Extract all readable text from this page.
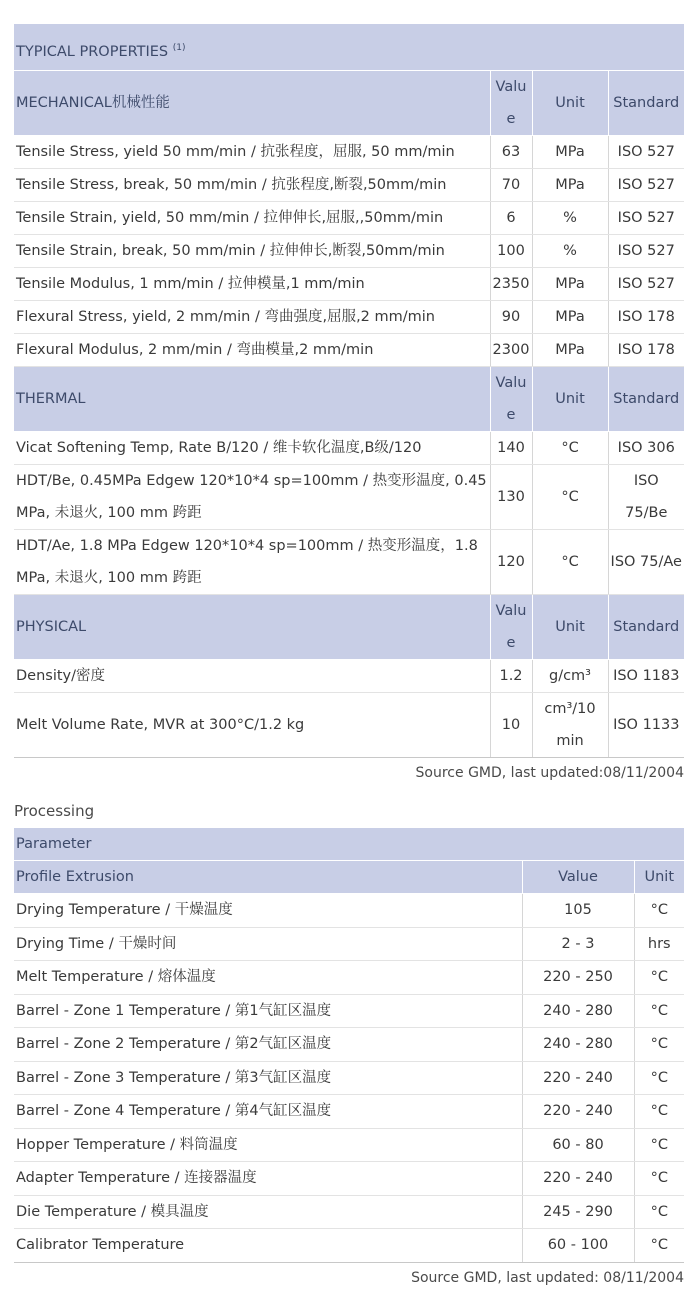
TYPICAL PROPERTIES $^{(1)}$
MECHANICAL机械性能	Value	Unit	Standard
Tensile Stress, yield 50 mm/min / 抗张程度，屈服, 50 mm/min	63	MPa	ISO 527
Tensile Stress, break, 50 mm/min / 抗张程度,断裂,50mm/min	70	MPa	ISO 527
Tensile Strain, yield, 50 mm/min / 拉伸伸长,屈服,,50mm/min	6	%	ISO 527
Tensile Strain, break, 50 mm/min / 拉伸伸长,断裂,50mm/min	100	%	ISO 527
Tensile Modulus, 1 mm/min / 拉伸模量,1 mm/min	2350	MPa	ISO 527
Flexural Stress, yield, 2 mm/min / 弯曲强度,屈服,2 mm/min	90	MPa	ISO 178
Flexural Modulus, 2 mm/min / 弯曲模量,2 mm/min	2300	MPa	ISO 178
THERMAL	Value	Unit	Standard
Vicat Softening Temp, Rate B/120 / 维卡软化温度,B级/120	140	°C	ISO 306
HDT/Be, 0.45MPa Edgew 120*10*4 sp=100mm / 热变形温度, 0.45 MPa, 未退火, 100 mm 跨距	130	°C	ISO 75/Be
HDT/Ae, 1.8 MPa Edgew 120*10*4 sp=100mm / 热变形温度，1.8 MPa, 未退火, 100 mm 跨距	120	°C	ISO 75/Ae
PHYSICAL	Value	Unit	Standard
Density/密度	1.2	g/cm³	ISO 1183
Melt Volume Rate, MVR at 300°C/1.2 kg	10	cm³/10 min	ISO 1133
Source GMD, last updated:08/11/2004
Processing
Parameter		
Profile Extrusion	Value	Unit
Drying Temperature / 干燥温度	105	°C
Drying Time / 干燥时间	2 - 3	hrs
Melt Temperature / 熔体温度	220 - 250	°C
Barrel - Zone 1 Temperature / 第1气缸区温度	240 - 280	°C
Barrel - Zone 2 Temperature / 第2气缸区温度	240 - 280	°C
Barrel - Zone 3 Temperature / 第3气缸区温度	220 - 240	°C
Barrel - Zone 4 Temperature / 第4气缸区温度	220 - 240	°C
Hopper Temperature / 料筒温度	60 - 80	°C
Adapter Temperature / 连接器温度	220 - 240	°C
Die Temperature / 模具温度	245 - 290	°C
Calibrator Temperature	60 - 100	°C
Source GMD, last updated: 08/11/2004
